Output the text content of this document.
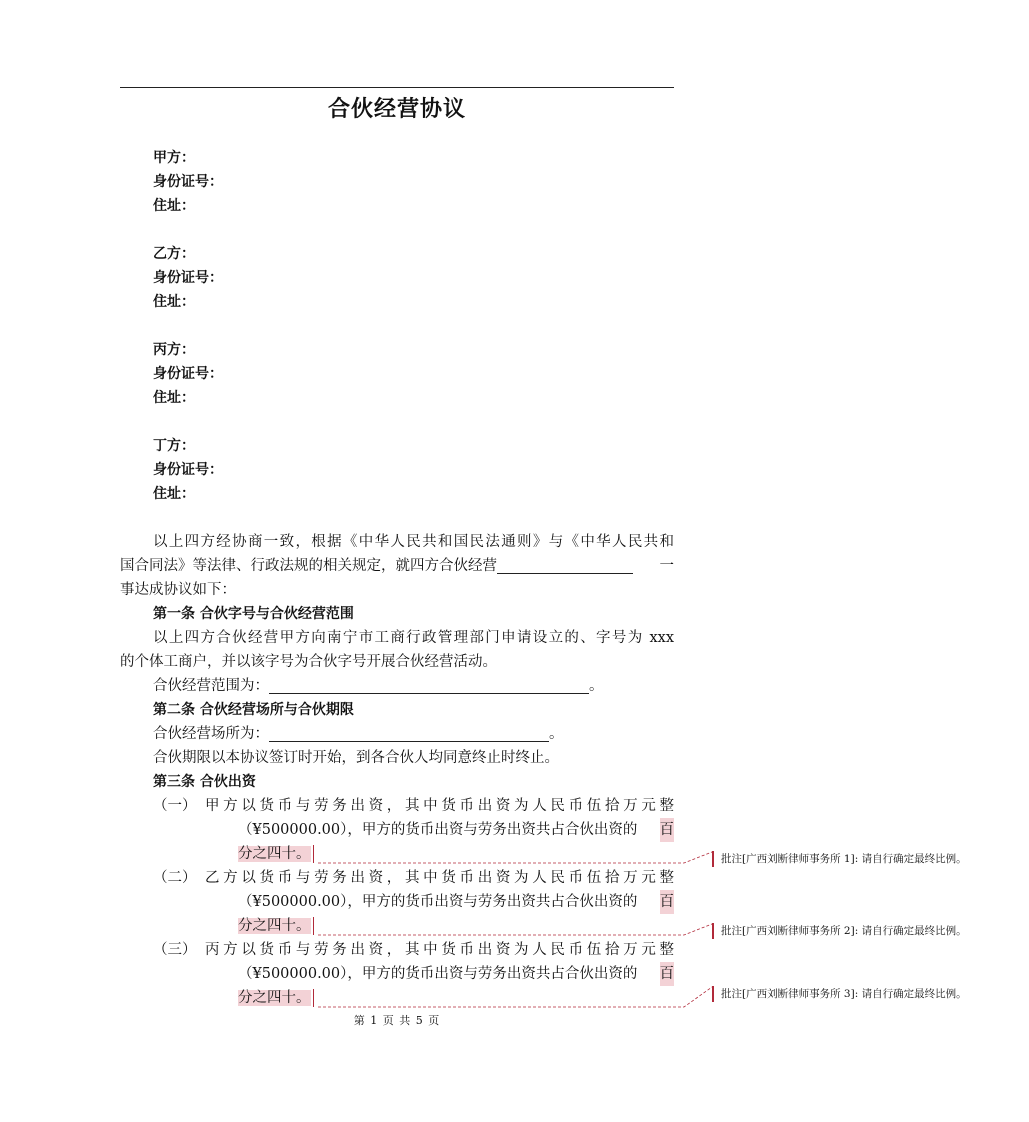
合伙经营协议
甲方：
身份证号：
住址：
乙方：
身份证号：
住址：
丙方：
身份证号：
住址：
丁方：
身份证号：
住址：
以上四方经协商一致，根据《中华人民共和国民法通则》与《中华人民共和
国合同法》等法律、行政法规的相关规定，就四方合伙经营	一
事达成协议如下：
第一条 合伙字号与合伙经营范围
以上四方合伙经营甲方向南宁市工商行政管理部门申请设立的、字号为 xxx
的个体工商户，并以该字号为合伙字号开展合伙经营活动。
合伙经营范围为：	。
第二条 合伙经营场所与合伙期限
合伙经营场所为：	。
合伙期限以本协议签订时开始，到各合伙人均同意终止时终止。
第三条 合伙出资
（一） 甲方以货币与劳务出资，其中货币出资为人民币伍拾万元整
（¥500000.00），甲方的货币出资与劳务出资共占合伙出资的 百
分之四十。
（二） 乙方以货币与劳务出资，其中货币出资为人民币伍拾万元整
（¥500000.00），甲方的货币出资与劳务出资共占合伙出资的 百
分之四十。
（三） 丙方以货币与劳务出资，其中货币出资为人民币伍拾万元整
（¥500000.00），甲方的货币出资与劳务出资共占合伙出资的 百
分之四十。
第 1 页 共 5 页
批注[广西刘断律师事务所 1]: 请自行确定最终比例。
批注[广西刘断律师事务所 2]: 请自行确定最终比例。
批注[广西刘断律师事务所 3]: 请自行确定最终比例。
